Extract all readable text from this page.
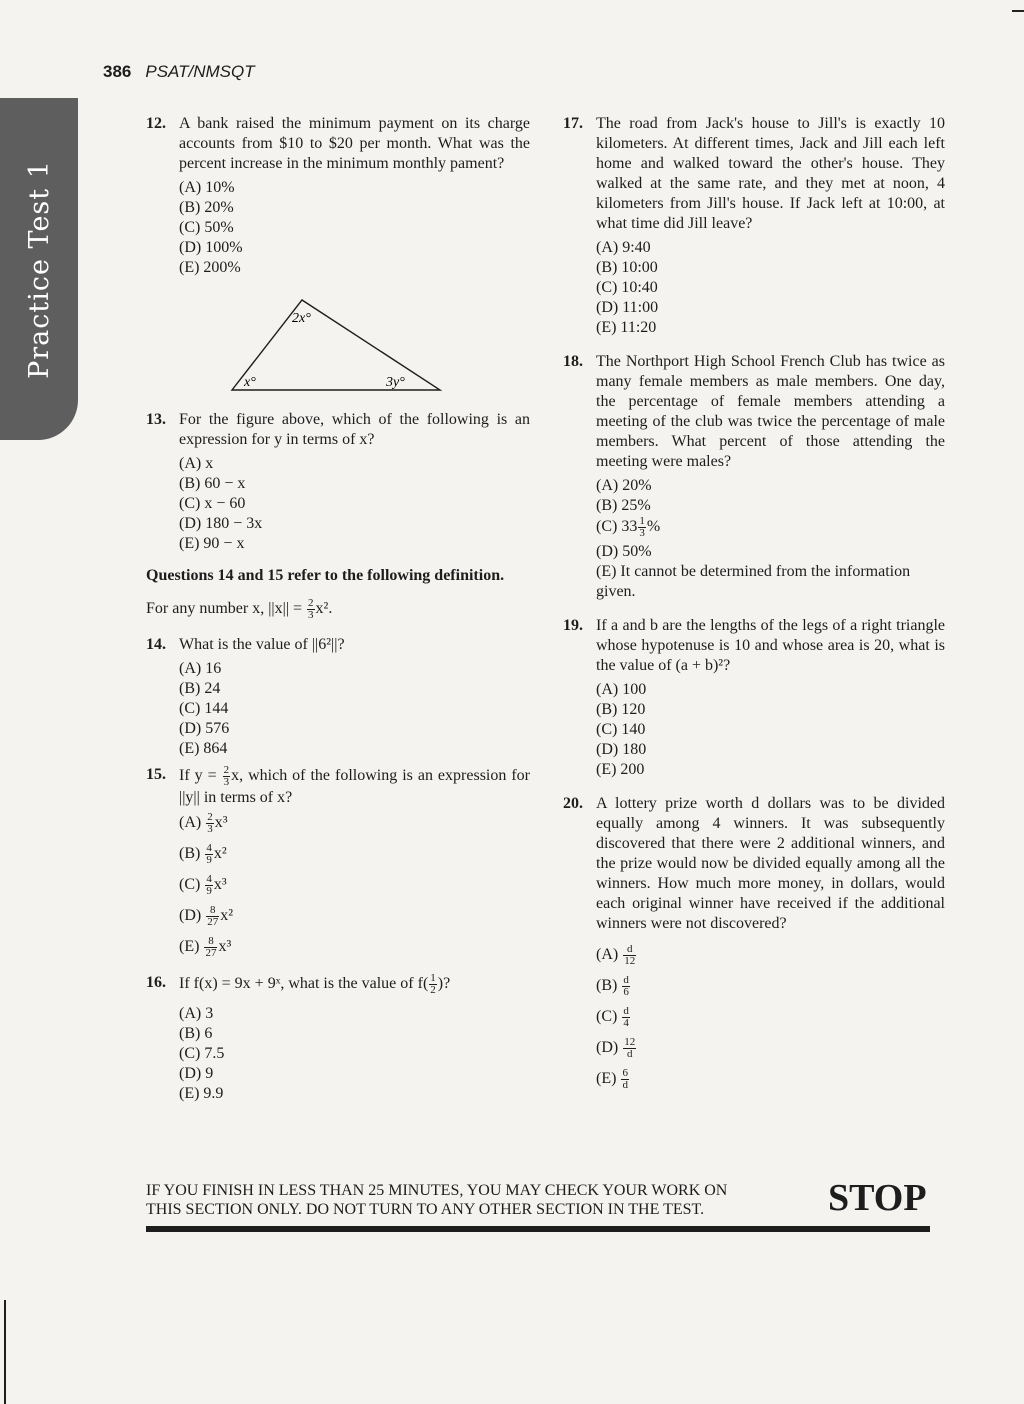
Practice Test 1
386 PSAT/NMSQT
12. A bank raised the minimum payment on its charge accounts from $10 to $20 per month. What was the percent increase in the minimum monthly pament?
(A) 10%
(B) 20%
(C) 50%
(D) 100%
(E) 200%
2x°
x°	3y°
13. For the figure above, which of the following is an expression for y in terms of x?
(A) x
(B) 60 − x
(C) x − 60
(D) 180 − 3x
(E) 90 − x
Questions 14 and 15 refer to the following definition.
For any number x, $||x|| = \frac{2}{3} x^2$.
14. What is the value of ||6²||?
(A) 16
(B) 24
(C) 144
(D) 576
(E) 864
15. If $y = \frac{2}{3} x$, which of the following is an expression for ||y|| in terms of x?
$(A) \frac{2}{3} x^3$
$(B) \frac{4}{9} x^2$
$(C) \frac{4}{9} x^3$
$(D) \frac{8}{27} x^2$
$(E) \frac{8}{27} x^3$
16. If f(x) = 9x + 9ˣ, what is the value of $f( \frac{1}{2}$ )?
(A) 3
(B) 6
(C) 7.5
(D) 9
(E) 9.9
17. The road from Jack's house to Jill's is exactly 10 kilometers. At different times, Jack and Jill each left home and walked toward the other's house. They walked at the same rate, and they met at noon, 4 kilometers from Jill's house. If Jack left at 10:00, at what time did Jill leave?
(A) 9:40
(B) 10:00
(C) 10:40
(D) 11:00
(E) 11:20
18. The Northport High School French Club has twice as many female members as male members. One day, the percentage of female members attending a meeting of the club was twice the percentage of male members. What percent of those attending the meeting were males?
(A) 20%
(B) 25%
(C) $33 \frac{1}{3}$ %
(D) 50%
(E) It cannot be determined from the information given.
19. If a and b are the lengths of the legs of a right triangle whose hypotenuse is 10 and whose area is 20, what is the value of (a + b)²?
(A) 100
(B) 120
(C) 140
(D) 180
(E) 200
20. A lottery prize worth d dollars was to be divided equally among 4 winners. It was subsequently discovered that there were 2 additional winners, and the prize would now be divided equally among all the winners. How much more money, in dollars, would each original winner have received if the additional winners were not discovered?
$(A) \frac{d}{12}$
$(B) \frac{d}{6}$
$(C) \frac{d}{4}$
$(D) \frac{12}{d}$
$(E) \frac{6}{d}$
IF YOU FINISH IN LESS THAN 25 MINUTES, YOU MAY CHECK YOUR WORK ON
THIS SECTION ONLY. DO NOT TURN TO ANY OTHER SECTION IN THE TEST.	STOP
